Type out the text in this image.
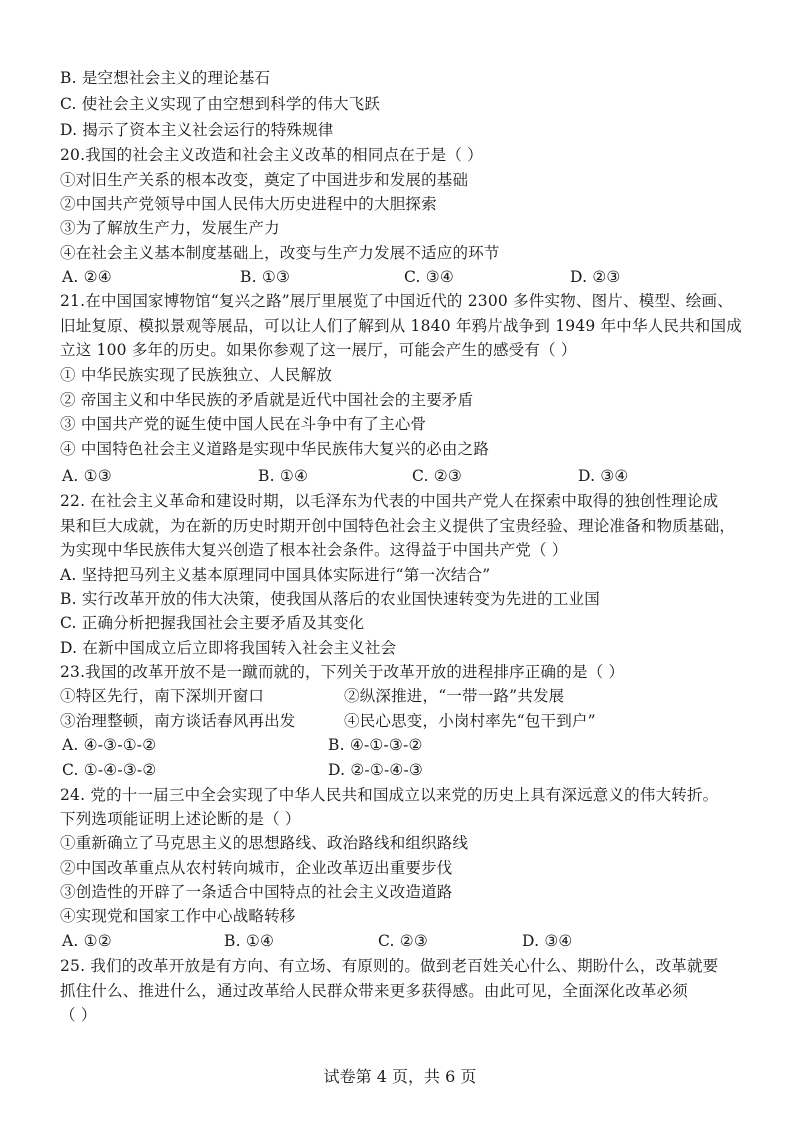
B. 是空想社会主义的理论基石
C. 使社会主义实现了由空想到科学的伟大飞跃
D. 揭示了资本主义社会运行的特殊规律
20.我国的社会主义改造和社会主义改革的相同点在于是（ ）
①对旧生产关系的根本改变，奠定了中国进步和发展的基础
②中国共产党领导中国人民伟大历史进程中的大胆探索
③为了解放生产力，发展生产力
④在社会主义基本制度基础上，改变与生产力发展不适应的环节
A. ②④	B. ①③	C. ③④	D. ②③
21.在中国国家博物馆“复兴之路”展厅里展览了中国近代的 2300 多件实物、图片、模型、绘画、
旧址复原、模拟景观等展品，可以让人们了解到从 1840 年鸦片战争到 1949 年中华人民共和国成
立这 100 多年的历史。如果你参观了这一展厅，可能会产生的感受有（ ）
① 中华民族实现了民族独立、人民解放
② 帝国主义和中华民族的矛盾就是近代中国社会的主要矛盾
③ 中国共产党的诞生使中国人民在斗争中有了主心骨
④ 中国特色社会主义道路是实现中华民族伟大复兴的必由之路
A. ①③	B. ①④	C. ②③	D. ③④
22. 在社会主义革命和建设时期，以毛泽东为代表的中国共产党人在探索中取得的独创性理论成
果和巨大成就，为在新的历史时期开创中国特色社会主义提供了宝贵经验、理论准备和物质基础，
为实现中华民族伟大复兴创造了根本社会条件。这得益于中国共产党（ ）
A. 坚持把马列主义基本原理同中国具体实际进行“第一次结合”
B. 实行改革开放的伟大决策，使我国从落后的农业国快速转变为先进的工业国
C. 正确分析把握我国社会主要矛盾及其变化
D. 在新中国成立后立即将我国转入社会主义社会
23.我国的改革开放不是一蹴而就的，下列关于改革开放的进程排序正确的是（ ）
①特区先行，南下深圳开窗口	②纵深推进，“一带一路”共发展
③治理整顿，南方谈话春风再出发	④民心思变，小岗村率先“包干到户”
A. ④-③-①-②	B. ④-①-③-②
C. ①-④-③-②	D. ②-①-④-③
24. 党的十一届三中全会实现了中华人民共和国成立以来党的历史上具有深远意义的伟大转折。
下列选项能证明上述论断的是（ ）
①重新确立了马克思主义的思想路线、政治路线和组织路线
②中国改革重点从农村转向城市，企业改革迈出重要步伐
③创造性的开辟了一条适合中国特点的社会主义改造道路
④实现党和国家工作中心战略转移
A. ①②	B. ①④	C. ②③	D. ③④
25. 我们的改革开放是有方向、有立场、有原则的。做到老百姓关心什么、期盼什么，改革就要
抓住什么、推进什么，通过改革给人民群众带来更多获得感。由此可见，全面深化改革必须
（ ）
试卷第 4 页，共 6 页
